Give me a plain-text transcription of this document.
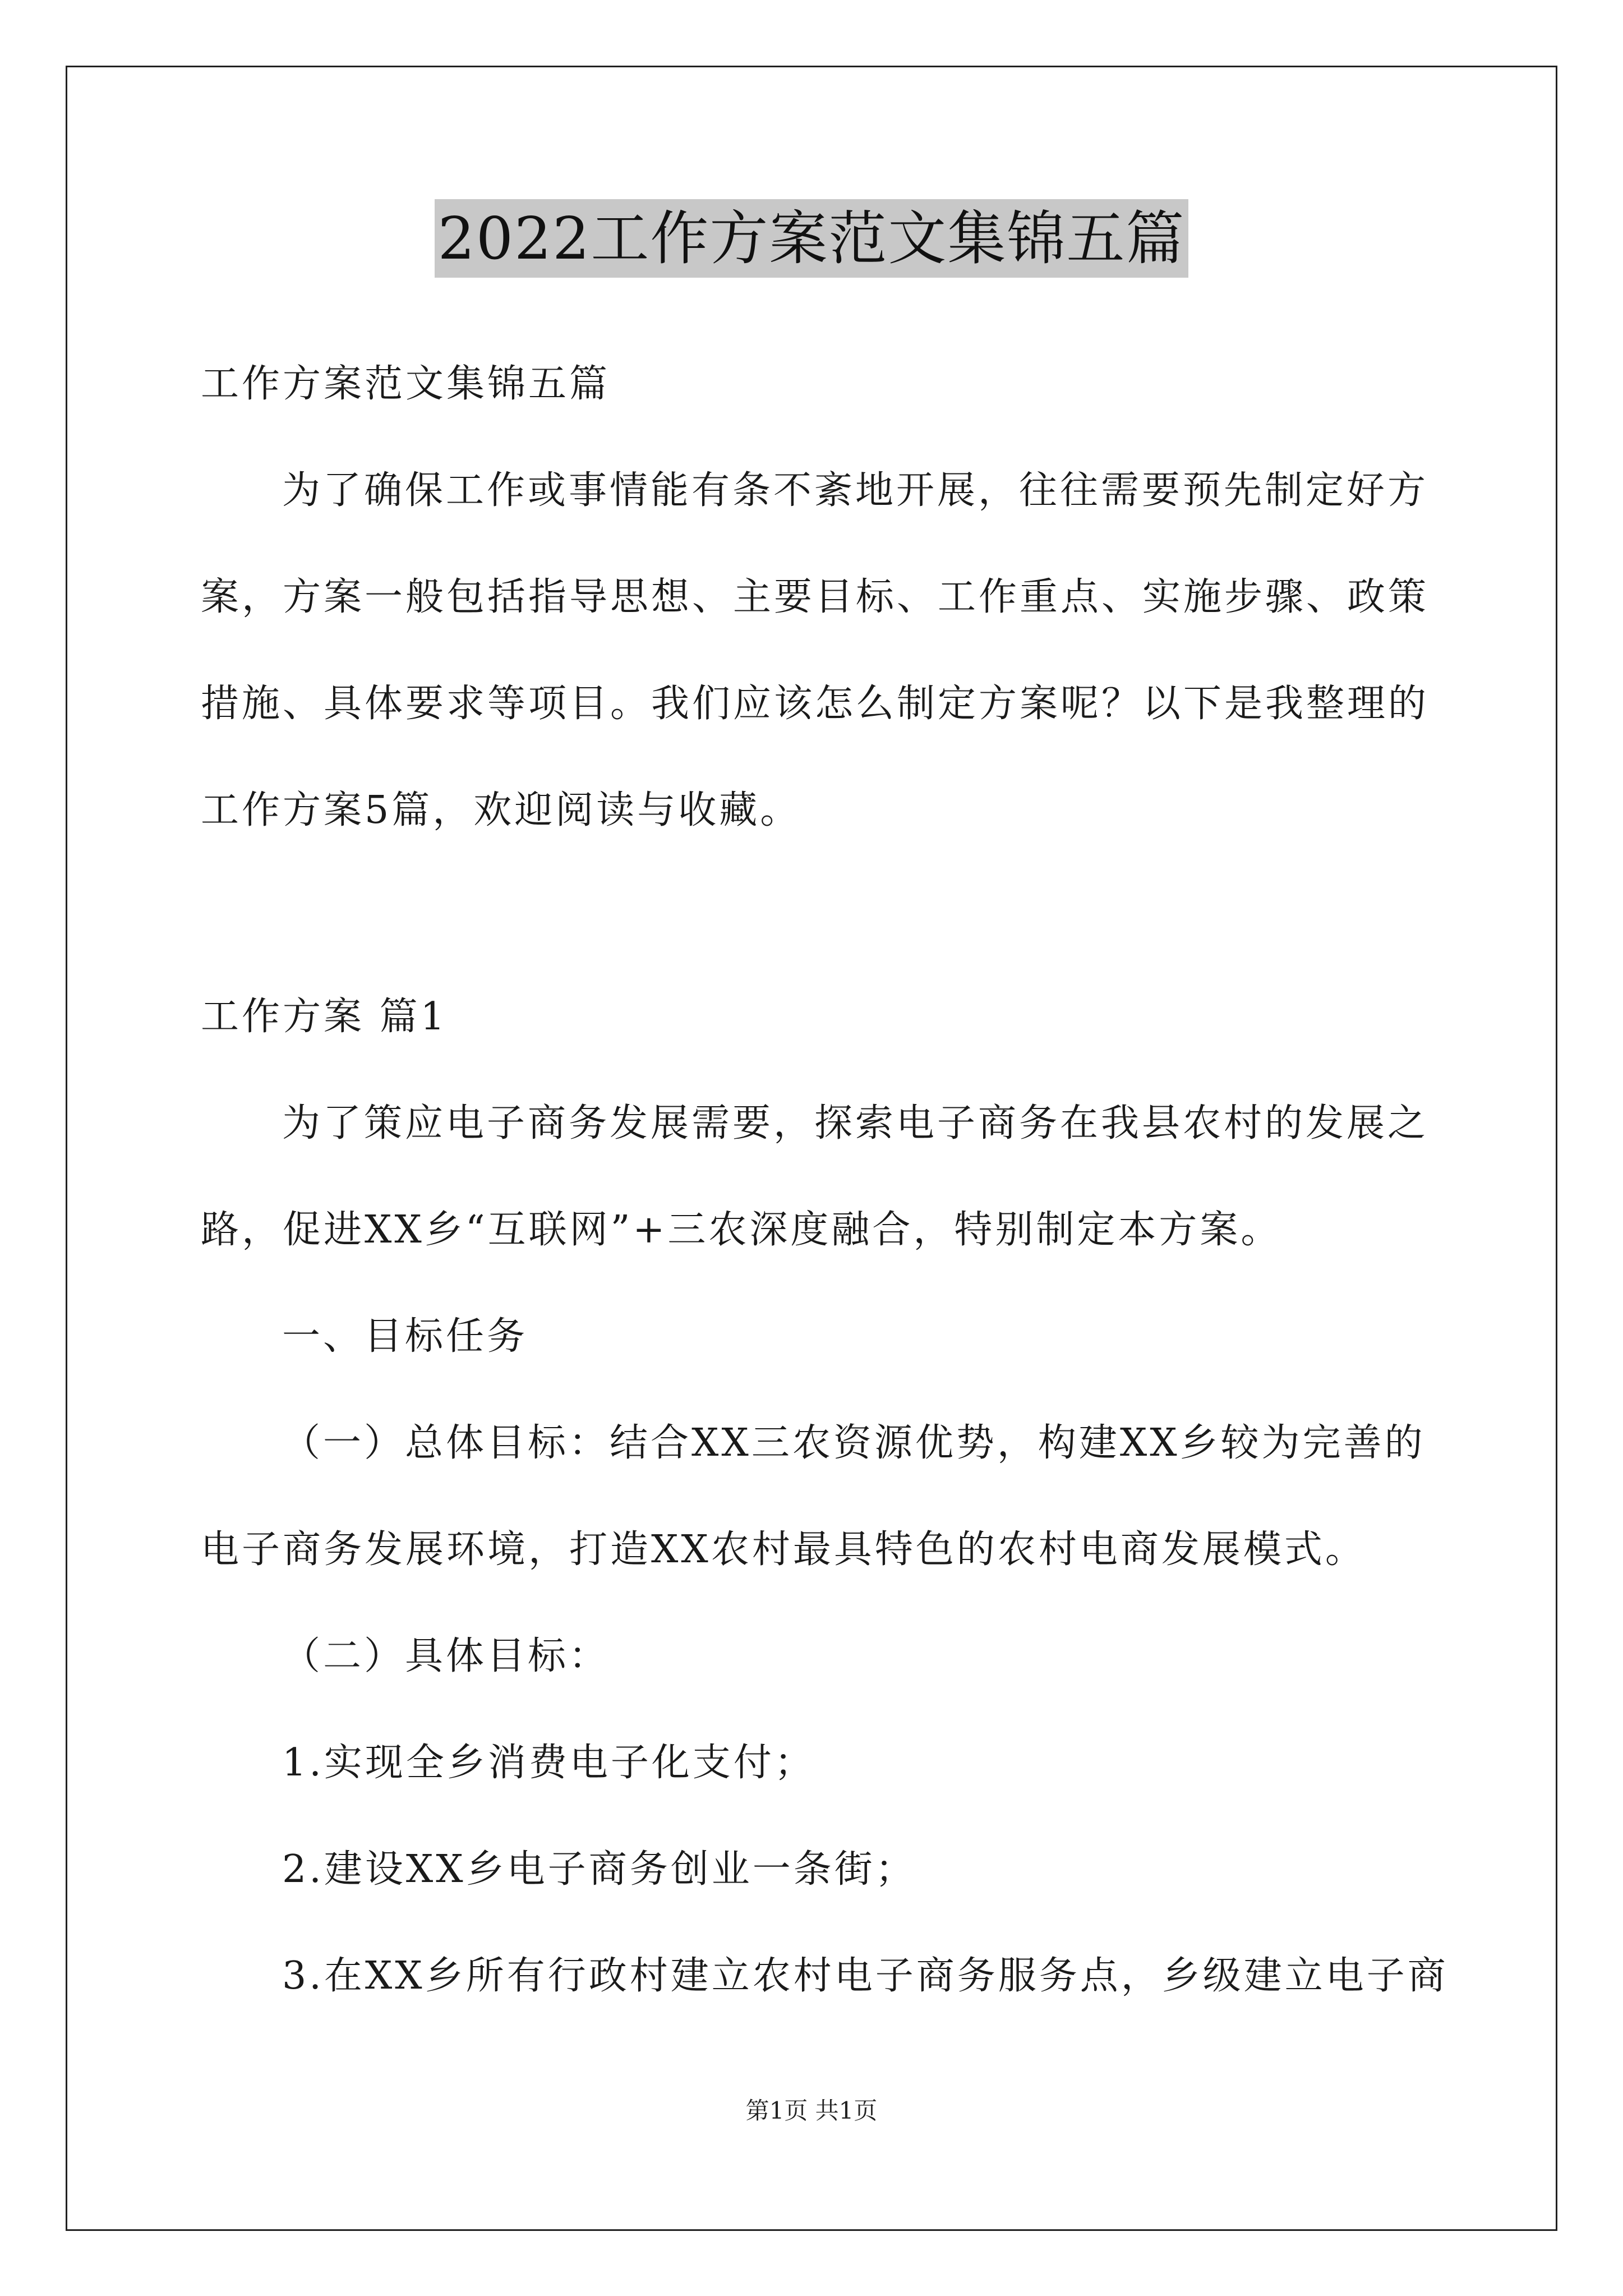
2022工作方案范文集锦五篇
工作方案范文集锦五篇
为了确保工作或事情能有条不紊地开展，往往需要预先制定好方
案，方案一般包括指导思想、主要目标、工作重点、实施步骤、政策
措施、具体要求等项目。我们应该怎么制定方案呢？以下是我整理的
工作方案5篇，欢迎阅读与收藏。
工作方案 篇1
为了策应电子商务发展需要，探索电子商务在我县农村的发展之
路，促进XX乡“互联网”+三农深度融合，特别制定本方案。
一、目标任务
（一）总体目标：结合XX三农资源优势，构建XX乡较为完善的
电子商务发展环境，打造XX农村最具特色的农村电商发展模式。
（二）具体目标：
1.实现全乡消费电子化支付；
2.建设XX乡电子商务创业一条街；
3.在XX乡所有行政村建立农村电子商务服务点，乡级建立电子商
第1页 共1页
